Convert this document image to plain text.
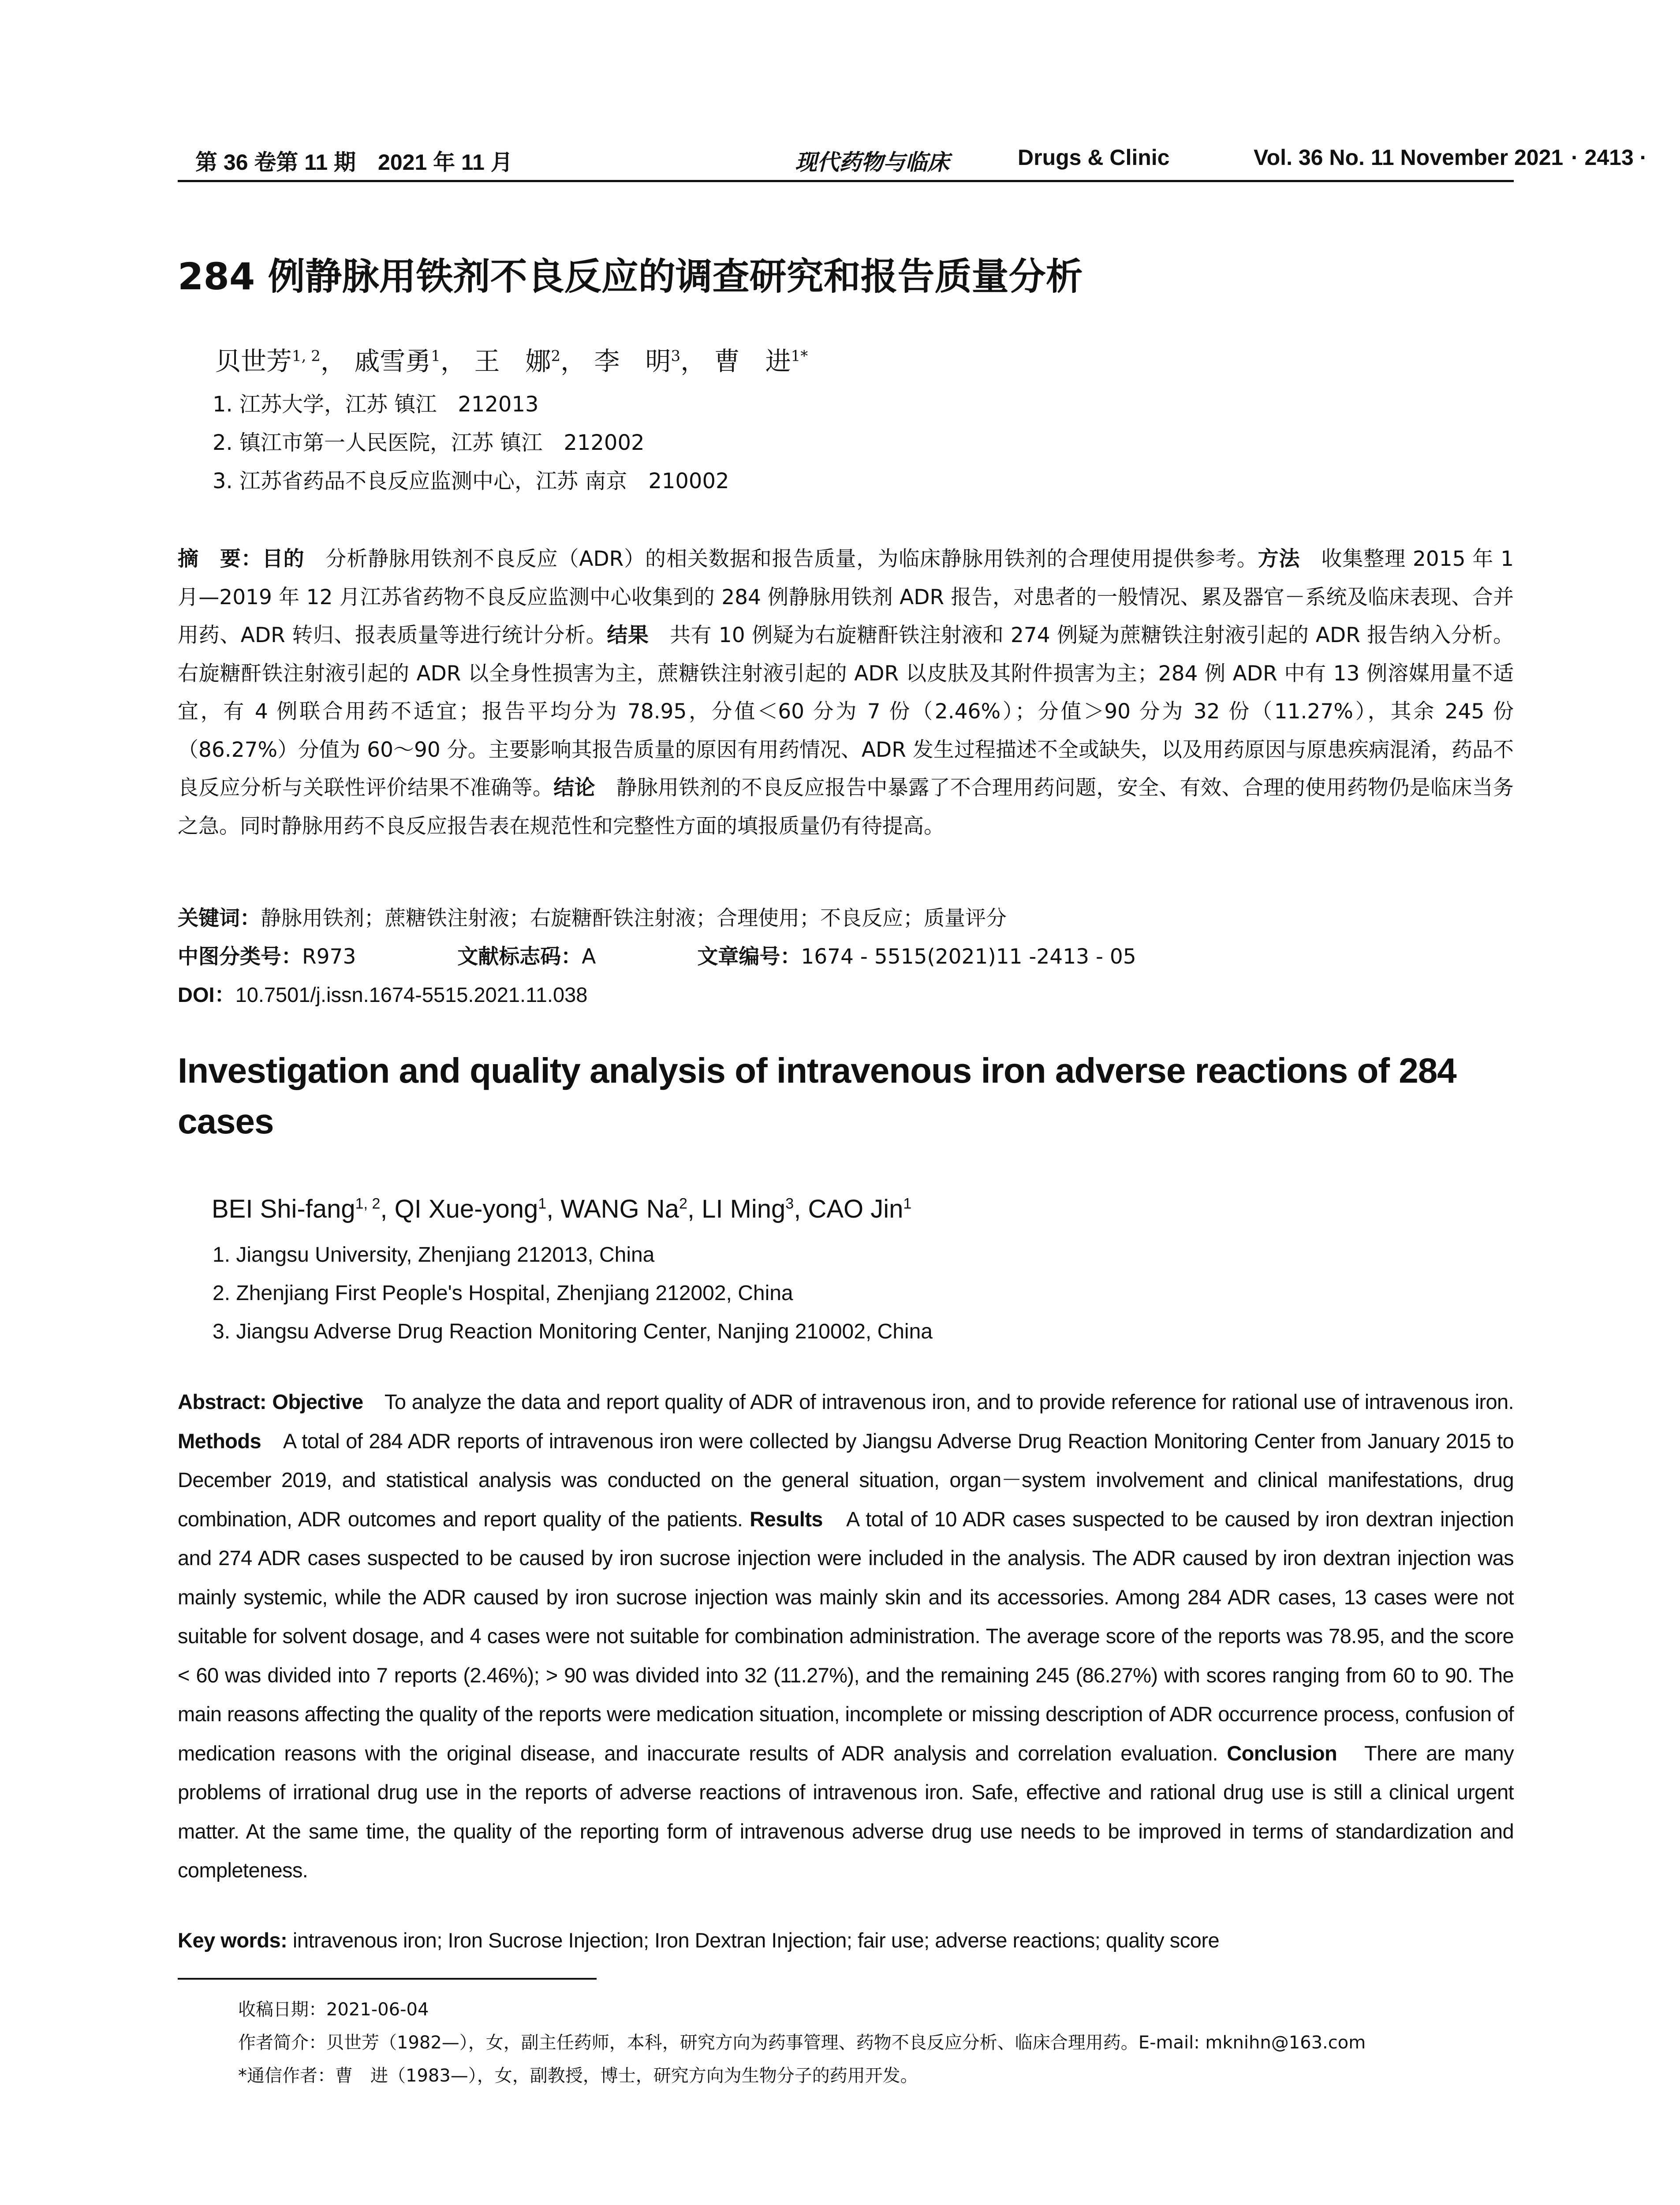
第 36 卷第 11 期　2021 年 11 月	现代药物与临床	Drugs & Clinic	Vol. 36 No. 11 November 2021 · 2413 ·
284 例静脉用铁剂不良反应的调查研究和报告质量分析
贝世芳$^{1, 2}$， 戚雪勇$^1$， 王　娜$^2$， 李　明$^3$， 曹　进$^{1*}$
1. 江苏大学，江苏 镇江　212013
2. 镇江市第一人民医院，江苏 镇江　212002
3. 江苏省药品不良反应监测中心，江苏 南京　210002
摘　要：目的　分析静脉用铁剂不良反应（ADR）的相关数据和报告质量，为临床静脉用铁剂的合理使用提供参考。方法　收集整理 2015 年 1 月—2019 年 12 月江苏省药物不良反应监测中心收集到的 284 例静脉用铁剂 ADR 报告，对患者的一般情况、累及器官－系统及临床表现、合并用药、ADR 转归、报表质量等进行统计分析。结果　共有 10 例疑为右旋糖酐铁注射液和 274 例疑为蔗糖铁注射液引起的 ADR 报告纳入分析。右旋糖酐铁注射液引起的 ADR 以全身性损害为主，蔗糖铁注射液引起的 ADR 以皮肤及其附件损害为主；284 例 ADR 中有 13 例溶媒用量不适宜，有 4 例联合用药不适宜；报告平均分为 78.95，分值＜60 分为 7 份（2.46%）；分值＞90 分为 32 份（11.27%），其余 245 份（86.27%）分值为 60～90 分。主要影响其报告质量的原因有用药情况、ADR 发生过程描述不全或缺失，以及用药原因与原患疾病混淆，药品不良反应分析与关联性评价结果不准确等。结论　静脉用铁剂的不良反应报告中暴露了不合理用药问题，安全、有效、合理的使用药物仍是临床当务之急。同时静脉用药不良反应报告表在规范性和完整性方面的填报质量仍有待提高。
关键词：静脉用铁剂；蔗糖铁注射液；右旋糖酐铁注射液；合理使用；不良反应；质量评分
中图分类号：R973	文献标志码：A	文章编号：1674 - 5515(2021)11 -2413 - 05
DOI：10.7501/j.issn.1674-5515.2021.11.038
Investigation and quality analysis of intravenous iron adverse reactions of 284 cases
BEI Shi-fang$^{1, 2}$, QI Xue-yong$^1$, WANG Na$^2$, LI Ming$^3$, CAO Jin$^1$
1. Jiangsu University, Zhenjiang 212013, China
2. Zhenjiang First People's Hospital, Zhenjiang 212002, China
3. Jiangsu Adverse Drug Reaction Monitoring Center, Nanjing 210002, China
Abstract: Objective　To analyze the data and report quality of ADR of intravenous iron, and to provide reference for rational use of intravenous iron. Methods　A total of 284 ADR reports of intravenous iron were collected by Jiangsu Adverse Drug Reaction Monitoring Center from January 2015 to December 2019, and statistical analysis was conducted on the general situation, organ－system involvement and clinical manifestations, drug combination, ADR outcomes and report quality of the patients. Results　A total of 10 ADR cases suspected to be caused by iron dextran injection and 274 ADR cases suspected to be caused by iron sucrose injection were included in the analysis. The ADR caused by iron dextran injection was mainly systemic, while the ADR caused by iron sucrose injection was mainly skin and its accessories. Among 284 ADR cases, 13 cases were not suitable for solvent dosage, and 4 cases were not suitable for combination administration. The average score of the reports was 78.95, and the score < 60 was divided into 7 reports (2.46%); > 90 was divided into 32 (11.27%), and the remaining 245 (86.27%) with scores ranging from 60 to 90. The main reasons affecting the quality of the reports were medication situation, incomplete or missing description of ADR occurrence process, confusion of medication reasons with the original disease, and inaccurate results of ADR analysis and correlation evaluation. Conclusion　There are many problems of irrational drug use in the reports of adverse reactions of intravenous iron. Safe, effective and rational drug use is still a clinical urgent matter. At the same time, the quality of the reporting form of intravenous adverse drug use needs to be improved in terms of standardization and completeness.
Key words: intravenous iron; Iron Sucrose Injection; Iron Dextran Injection; fair use; adverse reactions; quality score
收稿日期：2021-06-04
作者简介：贝世芳（1982—），女，副主任药师，本科，研究方向为药事管理、药物不良反应分析、临床合理用药。E-mail: mknihn@163.com
*通信作者：曹　进（1983—），女，副教授，博士，研究方向为生物分子的药用开发。
